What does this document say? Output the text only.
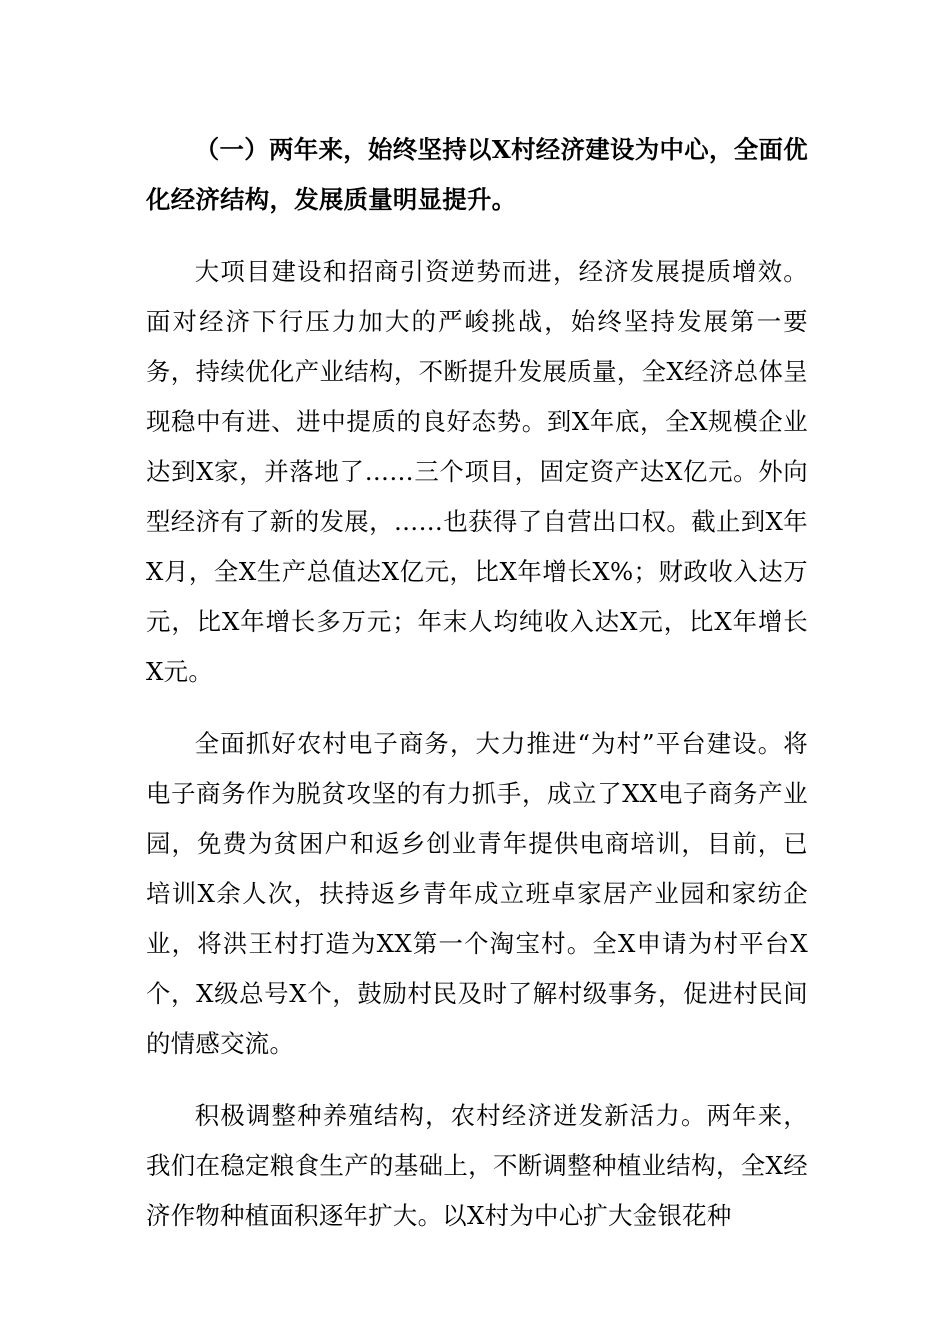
（一）两年来，始终坚持以X村经济建设为中心，全面优化经济结构，发展质量明显提升。

大项目建设和招商引资逆势而进，经济发展提质增效。面对经济下行压力加大的严峻挑战，始终坚持发展第一要务，持续优化产业结构，不断提升发展质量，全X经济总体呈现稳中有进、进中提质的良好态势。到X年底，全X规模企业达到X家，并落地了……三个项目，固定资产达X亿元。外向型经济有了新的发展，……也获得了自营出口权。截止到X年X月，全X生产总值达X亿元，比X年增长X%；财政收入达万元，比X年增长多万元；年末人均纯收入达X元，比X年增长X元。

全面抓好农村电子商务，大力推进“为村”平台建设。将电子商务作为脱贫攻坚的有力抓手，成立了XX电子商务产业园，免费为贫困户和返乡创业青年提供电商培训，目前，已培训X余人次，扶持返乡青年成立班卓家居产业园和家纺企业，将洪王村打造为XX第一个淘宝村。全X申请为村平台X个，X级总号X个，鼓励村民及时了解村级事务，促进村民间的情感交流。

积极调整种养殖结构，农村经济迸发新活力。两年来，我们在稳定粮食生产的基础上，不断调整种植业结构，全X经济作物种植面积逐年扩大。以X村为中心扩大金银花种
